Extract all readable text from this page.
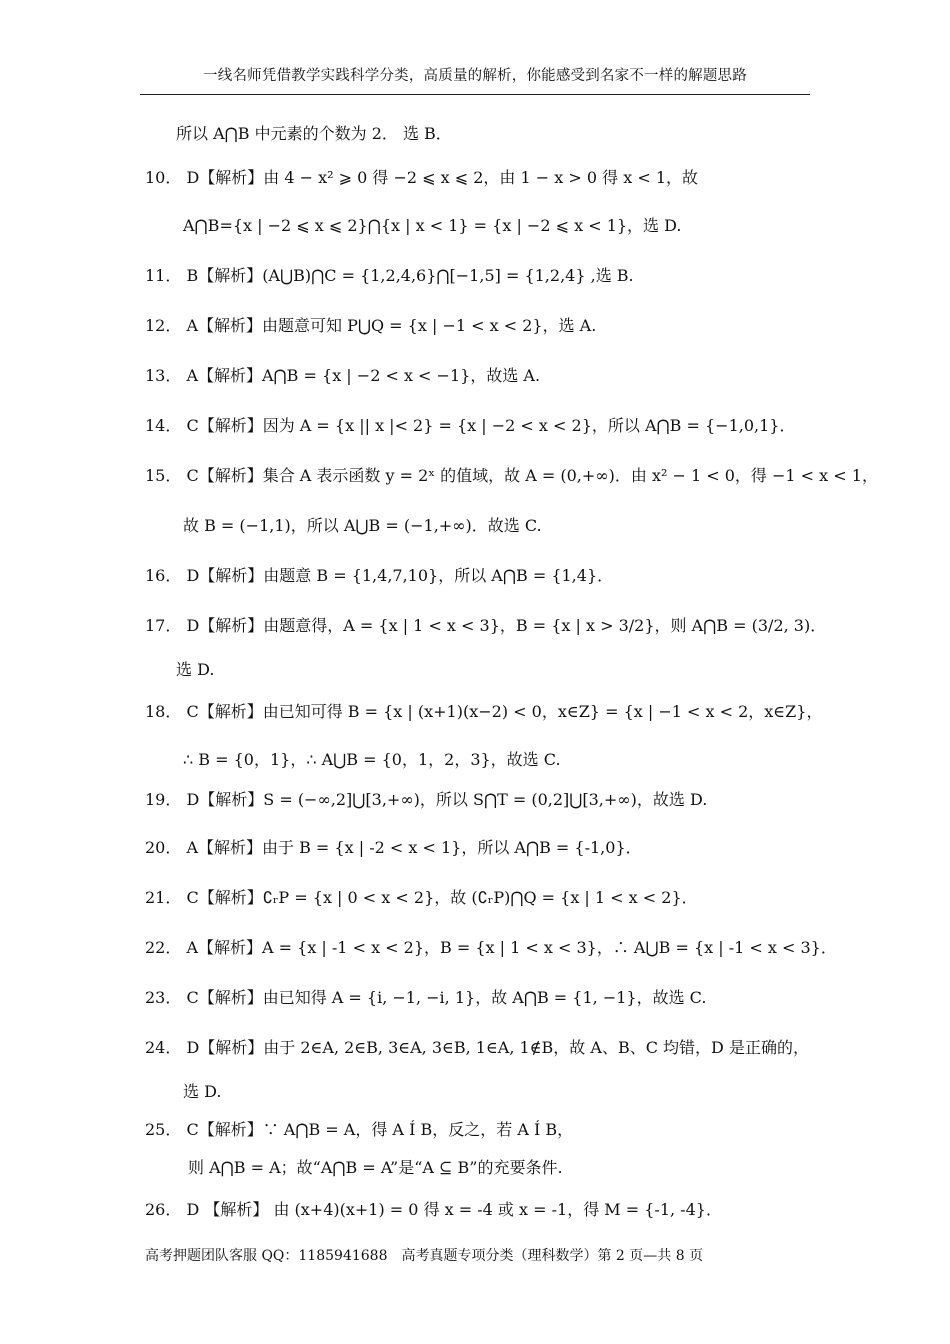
一线名师凭借教学实践科学分类，高质量的解析，你能感受到名家不一样的解题思路
所以 A⋂B 中元素的个数为 2． 选 B．
10． D【解析】由 4 − x² ⩾ 0 得 −2 ⩽ x ⩽ 2，由 1 − x > 0 得 x < 1，故
A⋂B={x | −2 ⩽ x ⩽ 2}⋂{x | x < 1} = {x | −2 ⩽ x < 1}，选 D.
11． B【解析】(A⋃B)⋂C = {1,2,4,6}⋂[−1,5] = {1,2,4} ,选 B.
12． A【解析】由题意可知 P⋃Q = {x | −1 < x < 2}，选 A.
13． A【解析】A⋂B = {x | −2 < x < −1}，故选 A.
14． C【解析】因为 A = {x || x |< 2} = {x | −2 < x < 2}，所以 A⋂B = {−1,0,1}．
15． C【解析】集合 A 表示函数 y = 2ˣ 的值域，故 A = (0,+∞)．由 x² − 1 < 0，得 −1 < x < 1，
故 B = (−1,1)，所以 A⋃B = (−1,+∞)．故选 C.
16． D【解析】由题意 B = {1,4,7,10}，所以 A⋂B = {1,4}．
17． D【解析】由题意得，A = {x | 1 < x < 3}，B = {x | x > 3/2}，则 A⋂B = (3/2, 3)．
选 D.
18． C【解析】由已知可得 B = {x | (x+1)(x−2) < 0，x∈Z} = {x | −1 < x < 2，x∈Z}，
∴ B = {0，1}，∴ A⋃B = {0，1，2，3}，故选 C.
19． D【解析】S = (−∞,2]⋃[3,+∞)，所以 S⋂T = (0,2]⋃[3,+∞)，故选 D.
20． A【解析】由于 B = {x | -2 < x < 1}，所以 A⋂B = {-1,0}．
21． C【解析】∁ᵣP = {x | 0 < x < 2}，故 (∁ᵣP)⋂Q = {x | 1 < x < 2}．
22． A【解析】A = {x | -1 < x < 2}，B = {x | 1 < x < 3}，∴ A⋃B = {x | -1 < x < 3}．
23． C【解析】由已知得 A = {i, −1, −i, 1}，故 A⋂B = {1, −1}，故选 C.
24． D【解析】由于 2∈A, 2∈B, 3∈A, 3∈B, 1∈A, 1∉B，故 A、B、C 均错，D 是正确的，
选 D.
25． C【解析】∵ A⋂B = A，得 A Í B，反之，若 A Í B，
则 A⋂B = A；故“A⋂B = A”是“A ⊆ B”的充要条件.
26． D 【解析】 由 (x+4)(x+1) = 0 得 x = -4 或 x = -1，得 M = {-1, -4}．
高考押题团队客服 QQ：1185941688　高考真题专项分类（理科数学）第 2 页—共 8 页
